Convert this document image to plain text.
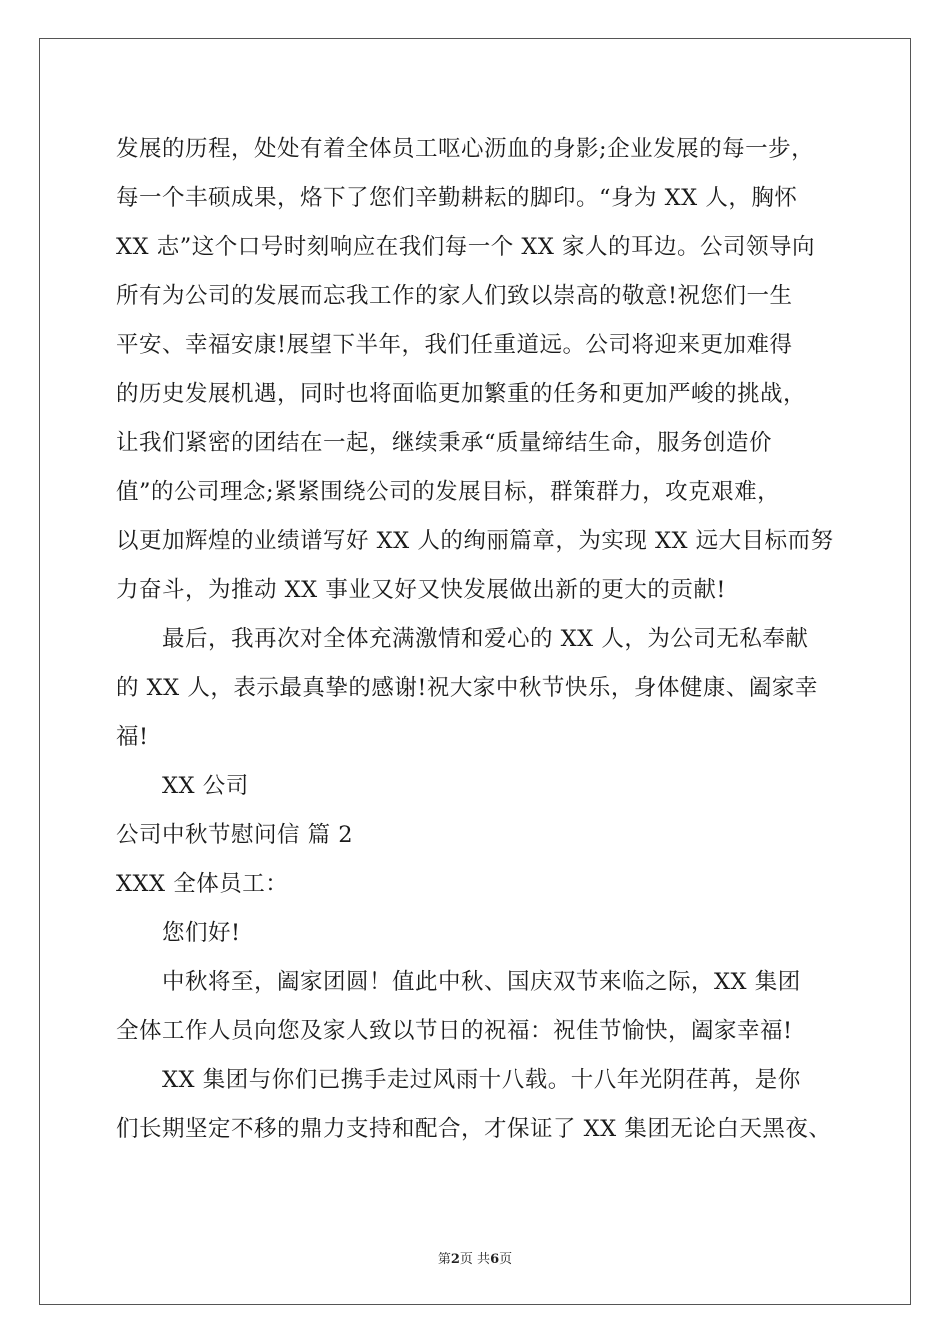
发展的历程，处处有着全体员工呕心沥血的身影;企业发展的每一步，
每一个丰硕成果，烙下了您们辛勤耕耘的脚印。“身为 XX 人，胸怀
XX 志”这个口号时刻响应在我们每一个 XX 家人的耳边。公司领导向
所有为公司的发展而忘我工作的家人们致以崇高的敬意!祝您们一生
平安、幸福安康!展望下半年，我们任重道远。公司将迎来更加难得
的历史发展机遇，同时也将面临更加繁重的任务和更加严峻的挑战，
让我们紧密的团结在一起，继续秉承“质量缔结生命，服务创造价
值”的公司理念;紧紧围绕公司的发展目标，群策群力，攻克艰难，
以更加辉煌的业绩谱写好 XX 人的绚丽篇章，为实现 XX 远大目标而努
力奋斗，为推动 XX 事业又好又快发展做出新的更大的贡献!
最后，我再次对全体充满激情和爱心的 XX 人，为公司无私奉献
的 XX 人，表示最真挚的感谢!祝大家中秋节快乐，身体健康、阖家幸
福!
XX 公司
公司中秋节慰问信 篇 2
XXX 全体员工：
您们好!
中秋将至，阖家团圆！值此中秋、国庆双节来临之际，XX 集团
全体工作人员向您及家人致以节日的祝福：祝佳节愉快，阖家幸福!
XX 集团与你们已携手走过风雨十八载。十八年光阴荏苒，是你
们长期坚定不移的鼎力支持和配合，才保证了 XX 集团无论白天黑夜、
第2页 共6页
